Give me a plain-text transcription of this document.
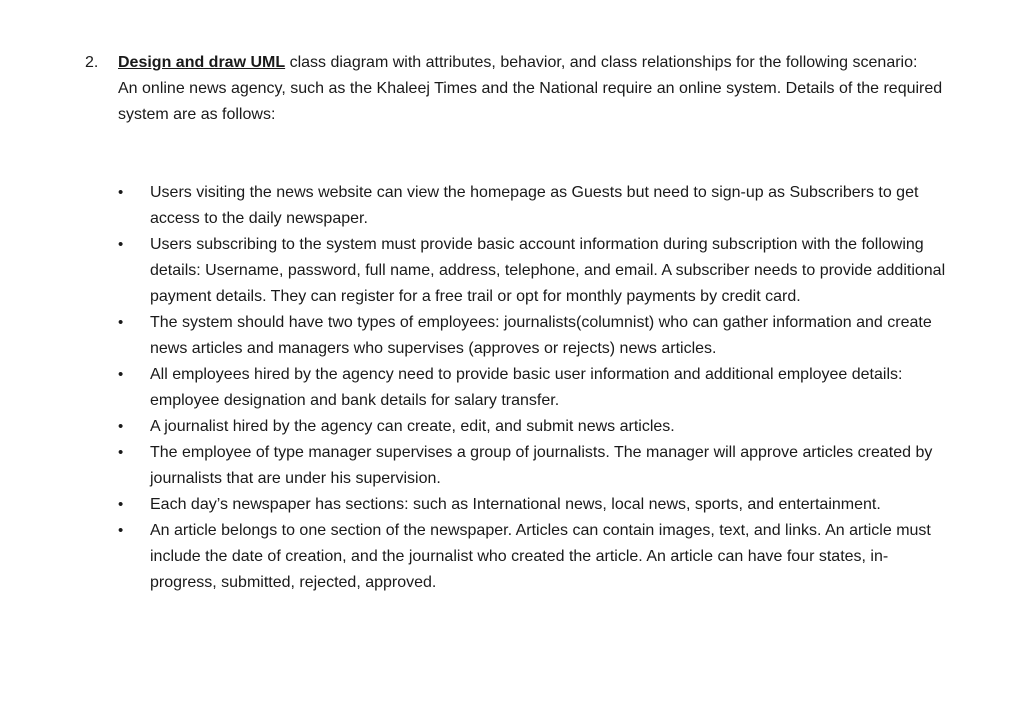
2.	Design and draw UML class diagram with attributes, behavior, and class relationships for the following scenario:
An online news agency, such as the Khaleej Times and the National require an online system. Details of the required system are as follows:
•	Users visiting the news website can view the homepage as Guests but need to sign-up as Subscribers to get access to the daily newspaper.
•	Users subscribing to the system must provide basic account information during subscription with the following details: Username, password, full name, address, telephone, and email. A subscriber needs to provide additional payment details. They can register for a free trail or opt for monthly payments by credit card.
•	The system should have two types of employees: journalists(columnist) who can gather information and create news articles and managers who supervises (approves or rejects) news articles.
•	All employees hired by the agency need to provide basic user information and additional employee details: employee designation and bank details for salary transfer.
•	A journalist hired by the agency can create, edit, and submit news articles.
•	The employee of type manager supervises a group of journalists. The manager will approve articles created by journalists that are under his supervision.
•	Each day’s newspaper has sections: such as International news, local news, sports, and entertainment.
•	An article belongs to one section of the newspaper. Articles can contain images, text, and links. An article must include the date of creation, and the journalist who created the article. An article can have four states, in-progress, submitted, rejected, approved.
